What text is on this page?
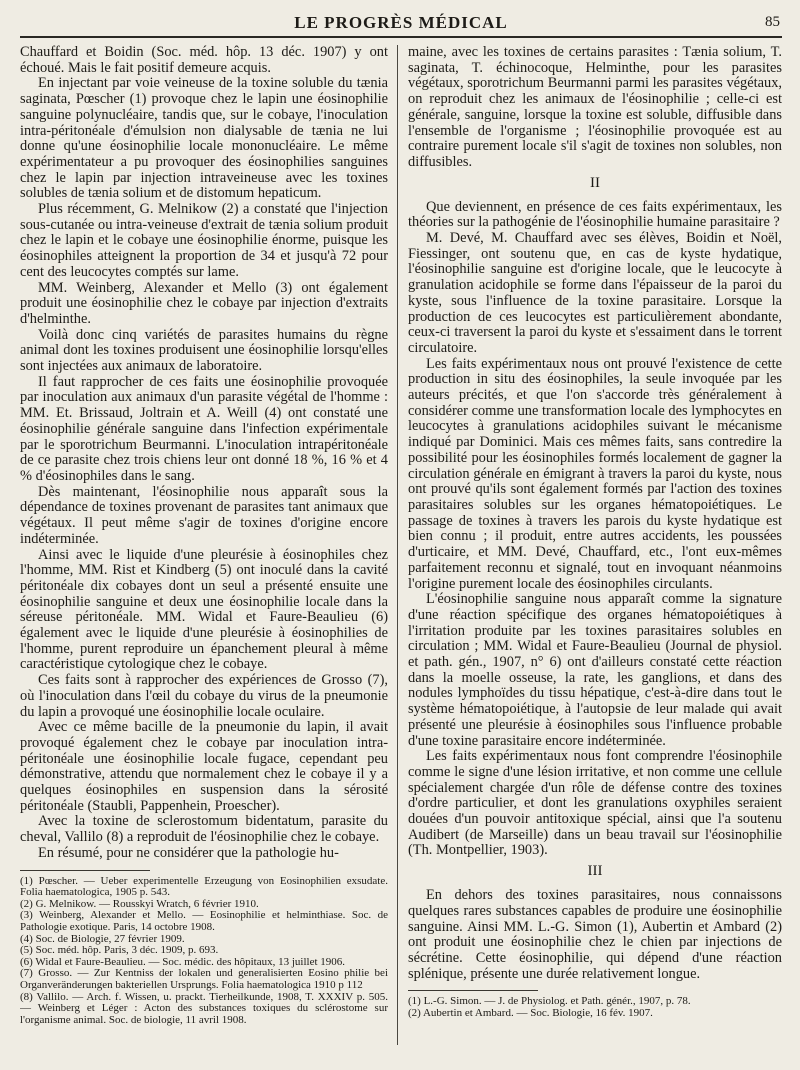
LE PROGRÈS MÉDICAL	85

Chauffard et Boidin (Soc. méd. hôp. 13 déc. 1907) y ont échoué. Mais le fait positif demeure acquis.

En injectant par voie veineuse de la toxine soluble du tænia saginata, Pœscher (1) provoque chez le lapin une éosinophilie sanguine polynucléaire, tandis que, sur le cobaye, l'inoculation intra-péritonéale d'émulsion non dialysable de tænia ne lui donne qu'une éosinophilie locale mononucléaire. Le même expérimentateur a pu provoquer des éosinophilies sanguines chez le lapin par injection intraveineuse avec les toxines solubles de tænia solium et de distomum hepaticum.

Plus récemment, G. Melnikow (2) a constaté que l'injection sous-cutanée ou intra-veineuse d'extrait de tænia solium produit chez le lapin et le cobaye une éosinophilie énorme, puisque les éosinophiles atteignent la proportion de 34 et jusqu'à 72 pour cent des leucocytes comptés sur lame.

MM. Weinberg, Alexander et Mello (3) ont également produit une éosinophilie chez le cobaye par injection d'extraits d'helminthe.

Voilà donc cinq variétés de parasites humains du règne animal dont les toxines produisent une éosinophilie lorsqu'elles sont injectées aux animaux de laboratoire.

Il faut rapprocher de ces faits une éosinophilie provoquée par inoculation aux animaux d'un parasite végétal de l'homme : MM. Et. Brissaud, Joltrain et A. Weill (4) ont constaté une éosinophilie générale sanguine dans l'infection expérimentale par le sporotrichum Beurmanni. L'inoculation intrapéritonéale de ce parasite chez trois chiens leur ont donné 18 %, 16 % et 4 % d'éosinophiles dans le sang.

Dès maintenant, l'éosinophilie nous apparaît sous la dépendance de toxines provenant de parasites tant animaux que végétaux. Il peut même s'agir de toxines d'origine encore indéterminée.

Ainsi avec le liquide d'une pleurésie à éosinophiles chez l'homme, MM. Rist et Kindberg (5) ont inoculé dans la cavité péritonéale dix cobayes dont un seul a présenté ensuite une éosinophilie sanguine et deux une éosinophilie locale dans la séreuse péritonéale. MM. Widal et Faure-Beaulieu (6) également avec le liquide d'une pleurésie à éosinophilies de l'homme, purent reproduire un épanchement pleural à même caractéristique cytologique chez le cobaye.

Ces faits sont à rapprocher des expériences de Grosso (7), où l'inoculation dans l'œil du cobaye du virus de la pneumonie du lapin a provoqué une éosinophilie locale oculaire.

Avec ce même bacille de la pneumonie du lapin, il avait provoqué également chez le cobaye par inoculation intra-péritonéale une éosinophilie locale fugace, cependant peu démonstrative, attendu que normalement chez le cobaye il y a quelques éosinophiles en suspension dans la sérosité péritonéale (Staubli, Pappenhein, Proescher).

Avec la toxine de sclerostomum bidentatum, parasite du cheval, Vallilo (8) a reproduit de l'éosinophilie chez le cobaye.

En résumé, pour ne considérer que la pathologie hu-

(1) Pœscher. — Ueber experimentelle Erzeugung von Eosinophilien exsudate. Folia haematologica, 1905 p. 543.

(2) G. Melnikow. — Rousskyi Wratch, 6 février 1910.

(3) Weinberg, Alexander et Mello. — Eosinophilie et helminthiase. Soc. de Pathologie exotique. Paris, 14 octobre 1908.

(4) Soc. de Biologie, 27 février 1909.

(5) Soc. méd. hôp. Paris, 3 déc. 1909, p. 693.

(6) Widal et Faure-Beaulieu. — Soc. médic. des hôpitaux, 13 juillet 1906.

(7) Grosso. — Zur Kentniss der lokalen und generalisierten Eosino philie bei Organveränderungen bakteriellen Ursprungs. Folia haematologica 1910 p 112

(8) Vallilo. — Arch. f. Wissen, u. prackt. Tierheilkunde, 1908, T. XXXIV p. 505. — Weinberg et Léger : Acton des substances toxiques du sclérostome sur l'organisme animal. Soc. de biologie, 11 avril 1908.

maine, avec les toxines de certains parasites : Tænia solium, T. saginata, T. échinocoque, Helminthe, pour les parasites végétaux, sporotrichum Beurmanni parmi les parasites végétaux, on reproduit chez les animaux de l'éosinophilie ; celle-ci est générale, sanguine, lorsque la toxine est soluble, diffusible dans l'ensemble de l'organisme ; l'éosinophilie provoquée est au contraire purement locale s'il s'agit de toxines non solubles, non diffusibles.

II

Que deviennent, en présence de ces faits expérimentaux, les théories sur la pathogénie de l'éosinophilie humaine parasitaire ?

M. Devé, M. Chauffard avec ses élèves, Boidin et Noël, Fiessinger, ont soutenu que, en cas de kyste hydatique, l'éosinophilie sanguine est d'origine locale, que le leucocyte à granulation acidophile se forme dans l'épaisseur de la paroi du kyste, sous l'influence de la toxine parasitaire. Lorsque la production de ces leucocytes est particulièrement abondante, ceux-ci traversent la paroi du kyste et s'essaiment dans le torrent circulatoire.

Les faits expérimentaux nous ont prouvé l'existence de cette production in situ des éosinophiles, la seule invoquée par les auteurs précités, et que l'on s'accorde très généralement à considérer comme une transformation locale des lymphocytes en leucocytes à granulations acidophiles suivant le mécanisme indiqué par Dominici. Mais ces mêmes faits, sans contredire la possibilité pour les éosinophiles formés localement de gagner la circulation générale en émigrant à travers la paroi du kyste, nous ont prouvé qu'ils sont également formés par l'action des toxines parasitaires solubles sur les organes hématopoiétiques. Le passage de toxines à travers les parois du kyste hydatique est bien connu ; il produit, entre autres accidents, les poussées d'urticaire, et MM. Devé, Chauffard, etc., l'ont eux-mêmes parfaitement reconnu et signalé, tout en invoquant néanmoins l'origine purement locale des éosinophiles circulants.

L'éosinophilie sanguine nous apparaît comme la signature d'une réaction spécifique des organes hématopoiétiques à l'irritation produite par les toxines parasitaires solubles en circulation ; MM. Widal et Faure-Beaulieu (Journal de physiol. et path. gén., 1907, n° 6) ont d'ailleurs constaté cette réaction dans la moelle osseuse, la rate, les ganglions, et dans des nodules lymphoïdes du tissu hépatique, c'est-à-dire dans tout le système hématopoiétique, à l'autopsie de leur malade qui avait présenté une pleurésie à éosinophiles sous l'influence probable d'une toxine parasitaire encore indéterminée.

Les faits expérimentaux nous font comprendre l'éosinophile comme le signe d'une lésion irritative, et non comme une cellule spécialement chargée d'un rôle de défense contre des toxines d'ordre particulier, et dont les granulations oxyphiles seraient douées d'un pouvoir antitoxique spécial, ainsi que l'a soutenu Audibert (de Marseille) dans un beau travail sur l'éosinophilie (Th. Montpellier, 1903).

III

En dehors des toxines parasitaires, nous connaissons quelques rares substances capables de produire une éosinophilie sanguine. Ainsi MM. L.-G. Simon (1), Aubertin et Ambard (2) ont produit une éosinophilie chez le chien par injections de sécrétine. Cette éosinophilie, qui dépend d'une réaction splénique, présente une durée relativement longue.

(1) L.-G. Simon. — J. de Physiolog. et Path. génér., 1907, p. 78.

(2) Aubertin et Ambard. — Soc. Biologie, 16 fév. 1907.
